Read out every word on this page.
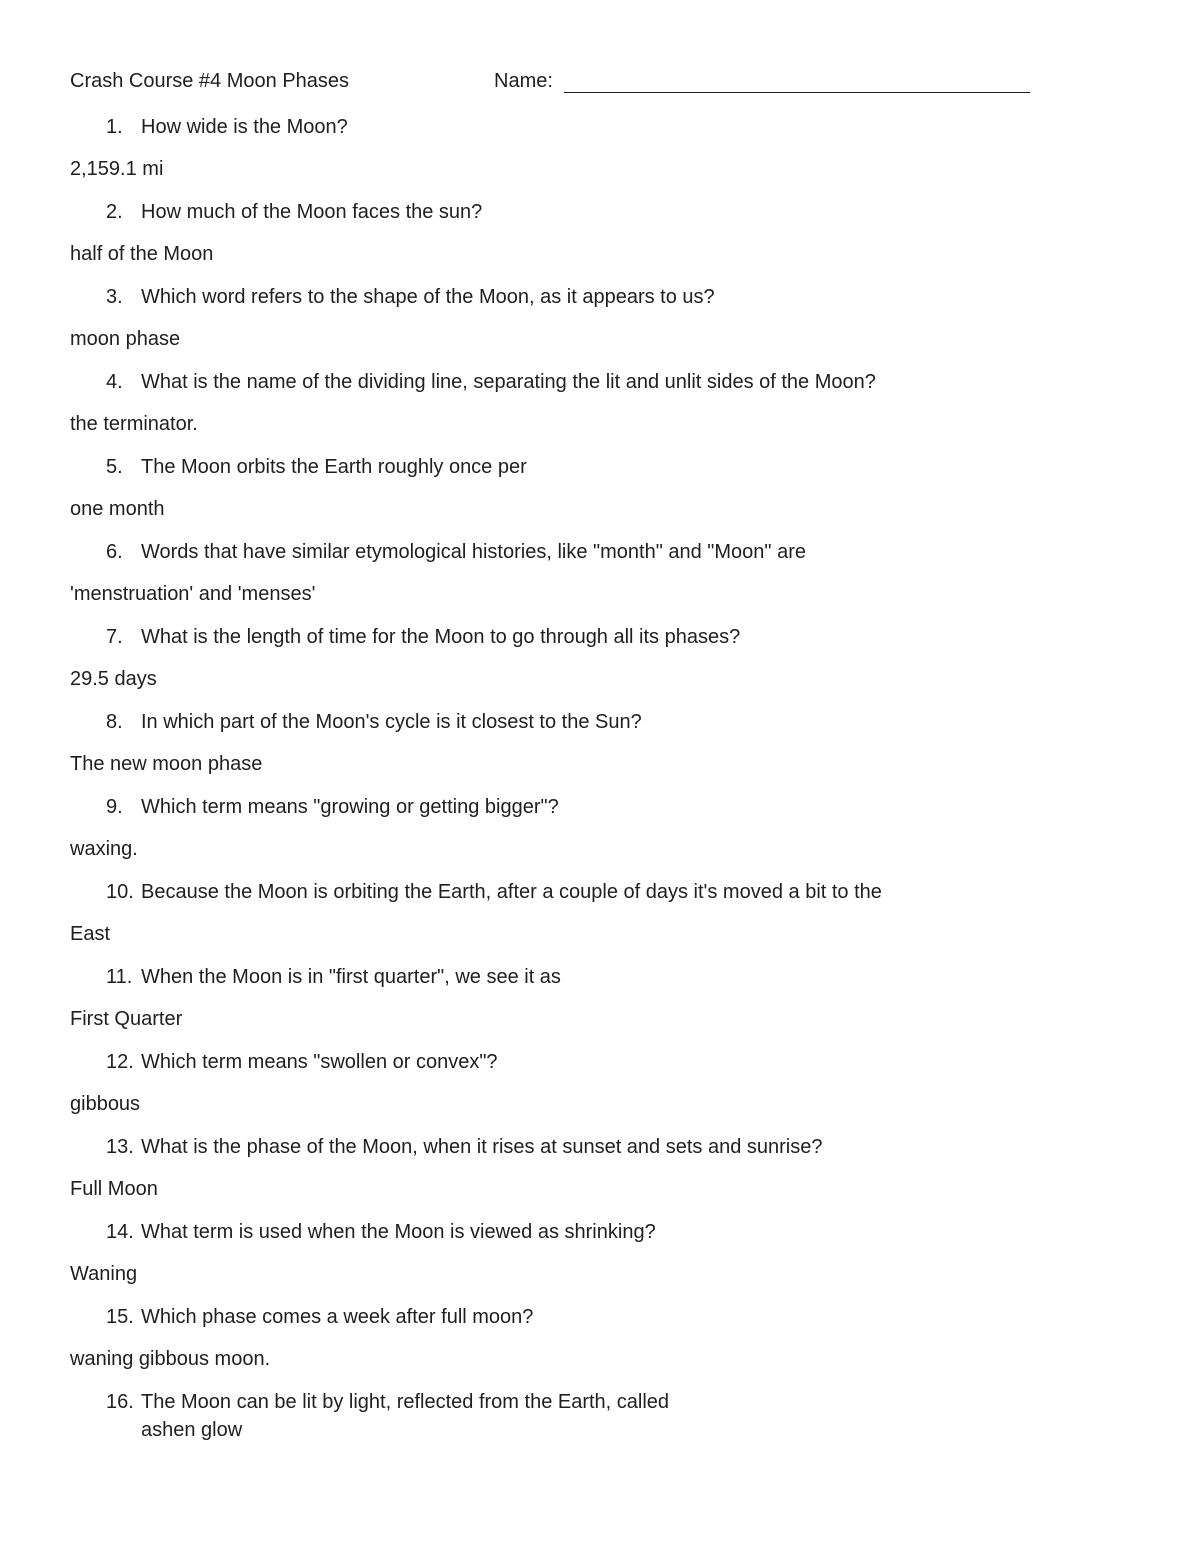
Crash Course #4 Moon Phases	Name:
1. How wide is the Moon?
2,159.1 mi
2. How much of the Moon faces the sun?
half of the Moon
3. Which word refers to the shape of the Moon, as it appears to us?
moon phase
4. What is the name of the dividing line, separating the lit and unlit sides of the Moon?
the terminator.
5. The Moon orbits the Earth roughly once per
one month
6. Words that have similar etymological histories, like "month" and "Moon" are
'menstruation' and 'menses'
7. What is the length of time for the Moon to go through all its phases?
29.5 days
8. In which part of the Moon's cycle is it closest to the Sun?
The new moon phase
9. Which term means "growing or getting bigger"?
waxing.
10. Because the Moon is orbiting the Earth, after a couple of days it's moved a bit to the
East
11. When the Moon is in "first quarter", we see it as
First Quarter
12. Which term means "swollen or convex"?
gibbous
13. What is the phase of the Moon, when it rises at sunset and sets and sunrise?
Full Moon
14. What term is used when the Moon is viewed as shrinking?
Waning
15. Which phase comes a week after full moon?
waning gibbous moon.
16. The Moon can be lit by light, reflected from the Earth, called
ashen glow
